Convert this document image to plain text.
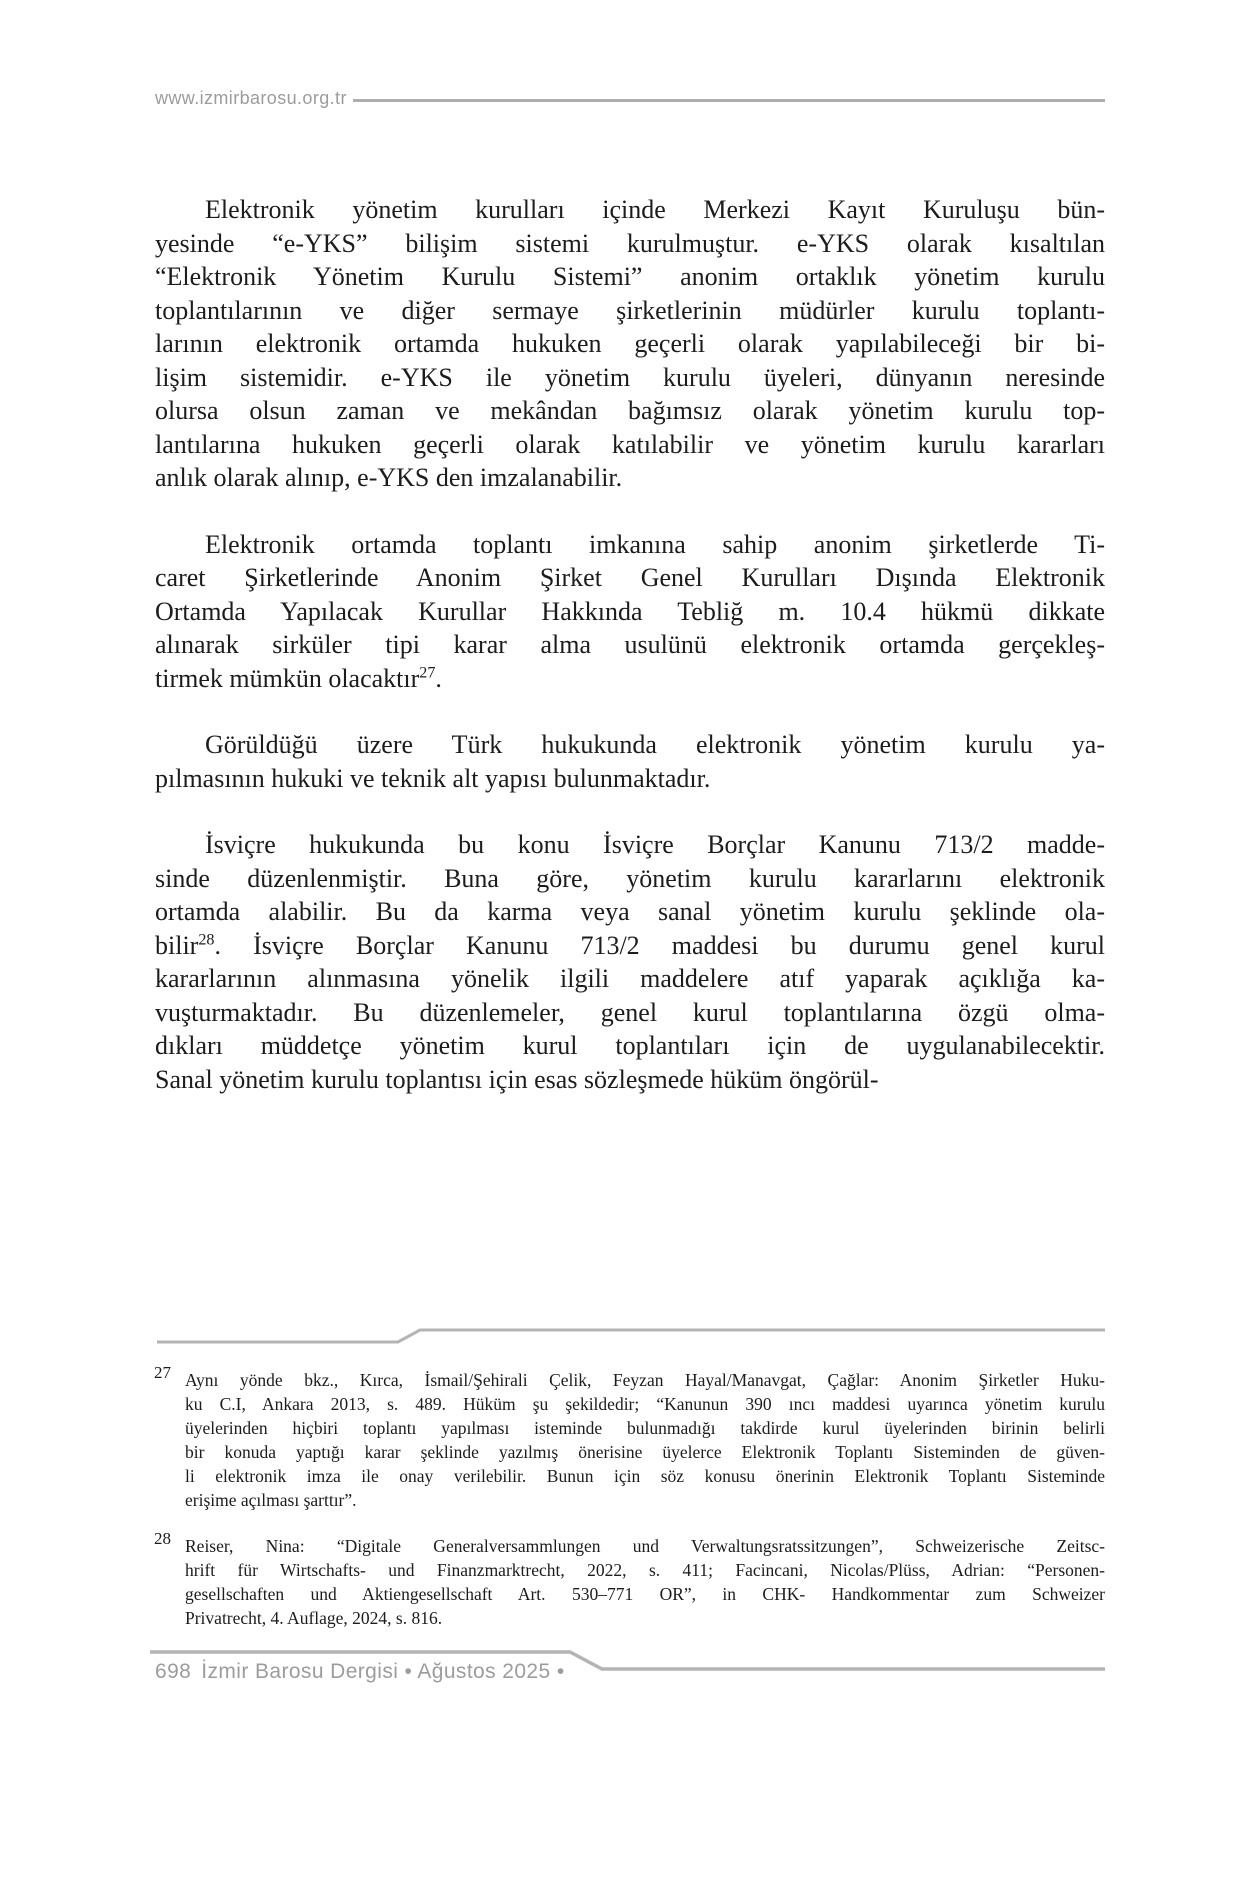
www.izmirbarosu.org.tr
Elektronik yönetim kurulları içinde Merkezi Kayıt Kuruluşu bün-
yesinde “e-YKS” bilişim sistemi kurulmuştur. e-YKS olarak kısaltılan
“Elektronik Yönetim Kurulu Sistemi” anonim ortaklık yönetim kurulu
toplantılarının ve diğer sermaye şirketlerinin müdürler kurulu toplantı-
larının elektronik ortamda hukuken geçerli olarak yapılabileceği bir bi-
lişim sistemidir. e-YKS ile yönetim kurulu üyeleri, dünyanın neresinde
olursa olsun zaman ve mekândan bağımsız olarak yönetim kurulu top-
lantılarına hukuken geçerli olarak katılabilir ve yönetim kurulu kararları
anlık olarak alınıp, e-YKS den imzalanabilir.
Elektronik ortamda toplantı imkanına sahip anonim şirketlerde Ti-
caret Şirketlerinde Anonim Şirket Genel Kurulları Dışında Elektronik
Ortamda Yapılacak Kurullar Hakkında Tebliğ m. 10.4 hükmü dikkate
alınarak sirküler tipi karar alma usulünü elektronik ortamda gerçekleş-
tirmek mümkün olacaktır$^{27}$.
Görüldüğü üzere Türk hukukunda elektronik yönetim kurulu ya-
pılmasının hukuki ve teknik alt yapısı bulunmaktadır.
İsviçre hukukunda bu konu İsviçre Borçlar Kanunu 713/2 madde-
sinde düzenlenmiştir. Buna göre, yönetim kurulu kararlarını elektronik
ortamda alabilir. Bu da karma veya sanal yönetim kurulu şeklinde ola-
bilir$^{28}$. İsviçre Borçlar Kanunu 713/2 maddesi bu durumu genel kurul
kararlarının alınmasına yönelik ilgili maddelere atıf yaparak açıklığa ka-
vuşturmaktadır. Bu düzenlemeler, genel kurul toplantılarına özgü olma-
dıkları müddetçe yönetim kurul toplantıları için de uygulanabilecektir.
Sanal yönetim kurulu toplantısı için esas sözleşmede hüküm öngörül-
27 Aynı yönde bkz., Kırca, İsmail/Şehirali Çelik, Feyzan Hayal/Manavgat, Çağlar: Anonim Şirketler Huku-
ku C.I, Ankara 2013, s. 489. Hüküm şu şekildedir; “Kanunun 390 ıncı maddesi uyarınca yönetim kurulu
üyelerinden hiçbiri toplantı yapılması isteminde bulunmadığı takdirde kurul üyelerinden birinin belirli
bir konuda yaptığı karar şeklinde yazılmış önerisine üyelerce Elektronik Toplantı Sisteminden de güven-
li elektronik imza ile onay verilebilir. Bunun için söz konusu önerinin Elektronik Toplantı Sisteminde
erişime açılması şarttır”.
28 Reiser, Nina: “Digitale Generalversammlungen und Verwaltungsratssitzungen”, Schweizerische Zeitsc-
hrift für Wirtschafts- und Finanzmarktrecht, 2022, s. 411; Facincani, Nicolas/Plüss, Adrian: “Personen-
gesellschaften und Aktiengesellschaft Art. 530–771 OR”, in CHK- Handkommentar zum Schweizer
Privatrecht, 4. Auflage, 2024, s. 816.
698 İzmir Barosu Dergisi • Ağustos 2025 •
